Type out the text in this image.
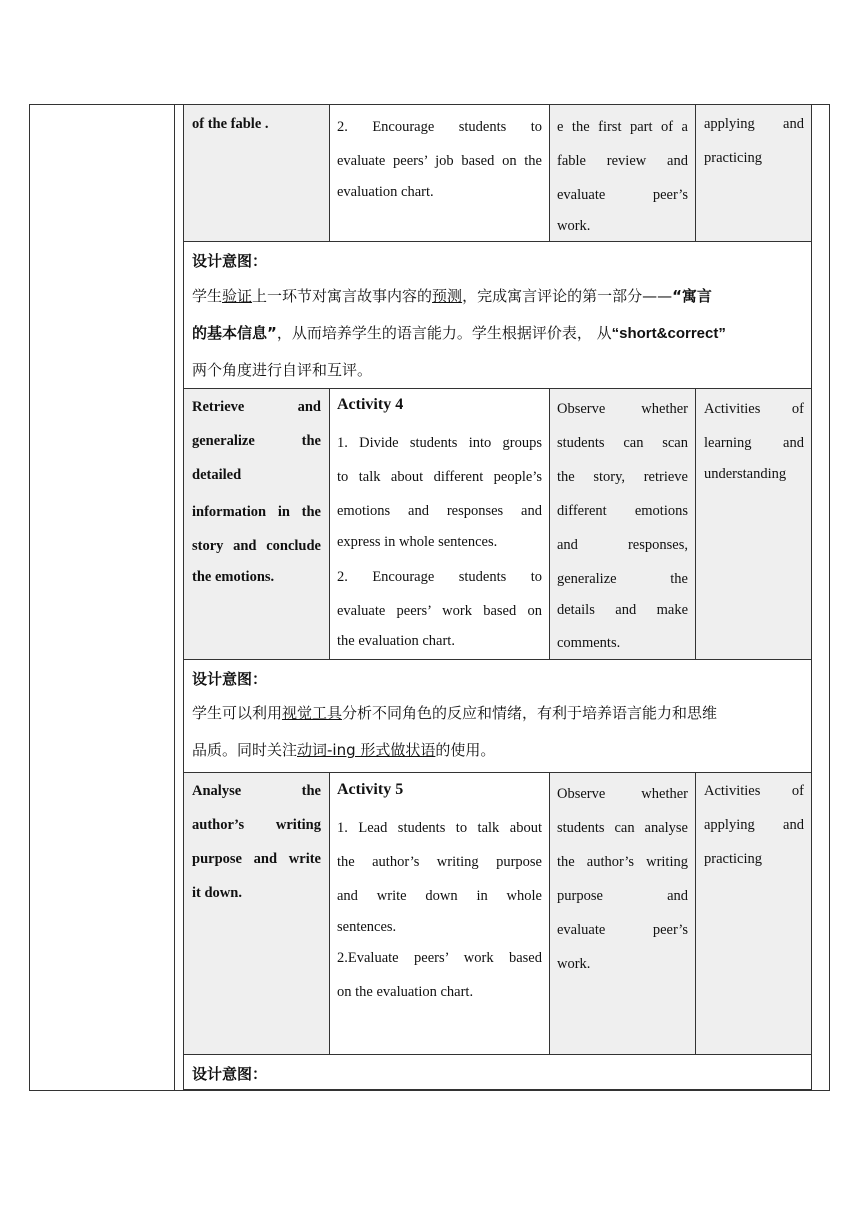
of the fable .	2. Encourage students to
evaluate peers’ job based on the
evaluation chart.
e the first part of a
fable review and
evaluate peer’s
work.
applying and
practicing
设计意图：
学生验证上一环节对寓言故事内容的预测，完成寓言评论的第一部分——“寓言
的基本信息”，从而培养学生的语言能力。学生根据评价表， 从“short&correct”
两个角度进行自评和互评。
Retrieve and
generalize the
detailed
information in the
story and conclude
the emotions.
Activity 4
1. Divide students into groups
to talk about different people’s
emotions and responses and
express in whole sentences.
2. Encourage students to
evaluate peers’ work based on
the evaluation chart.
Observe whether
students can scan
the story, retrieve
different emotions
and responses,
generalize the
details and make
comments.
Activities of
learning and
understanding
设计意图：
学生可以利用视觉工具分析不同角色的反应和情绪，有利于培养语言能力和思维
品质。同时关注动词-ing 形式做状语的使用。
Analyse the
author’s writing
purpose and write
it down.
Activity 5
1. Lead students to talk about
the author’s writing purpose
and write down in whole
sentences.
2.Evaluate peers’ work based
on the evaluation chart.
Observe whether
students can analyse
the author’s writing
purpose and
evaluate peer’s
work.
Activities of
applying and
practicing
设计意图：
